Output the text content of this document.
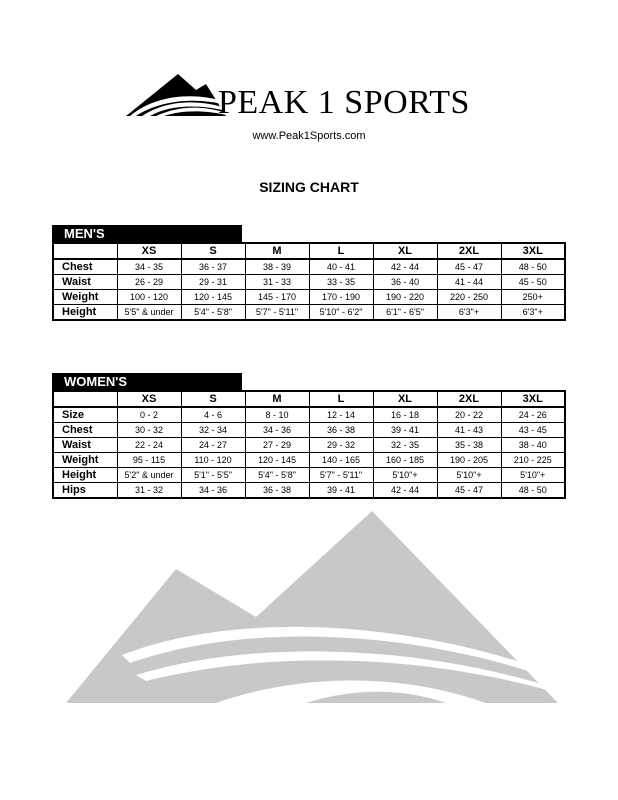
PEAK 1 SPORTS
www.Peak1Sports.com
SIZING CHART
MEN'S
	XS	S	M	L	XL	2XL	3XL
Chest	34 - 35	36 - 37	38 - 39	40 - 41	42 - 44	45 - 47	48 - 50
Waist	26 - 29	29 - 31	31 - 33	33 - 35	36 - 40	41 - 44	45 - 50
Weight	100 - 120	120 - 145	145 - 170	170 - 190	190 - 220	220 - 250	250+
Height	5'5" & under	5'4" - 5'8"	5'7" - 5'11"	5'10" - 6'2"	6'1" - 6'5"	6'3"+	6'3"+
WOMEN'S
	XS	S	M	L	XL	2XL	3XL
Size	0 - 2	4 - 6	8 - 10	12 - 14	16 - 18	20 - 22	24 - 26
Chest	30 - 32	32 - 34	34 - 36	36 - 38	39 - 41	41 - 43	43 - 45
Waist	22 - 24	24 - 27	27 - 29	29 - 32	32 - 35	35 - 38	38 - 40
Weight	95 - 115	110 - 120	120 - 145	140 - 165	160 - 185	190 - 205	210 - 225
Height	5'2" & under	5'1" - 5'5"	5'4" - 5'8"	5'7" - 5'11"	5'10"+	5'10"+	5'10"+
Hips	31 - 32	34 - 36	36 - 38	39 - 41	42 - 44	45 - 47	48 - 50
